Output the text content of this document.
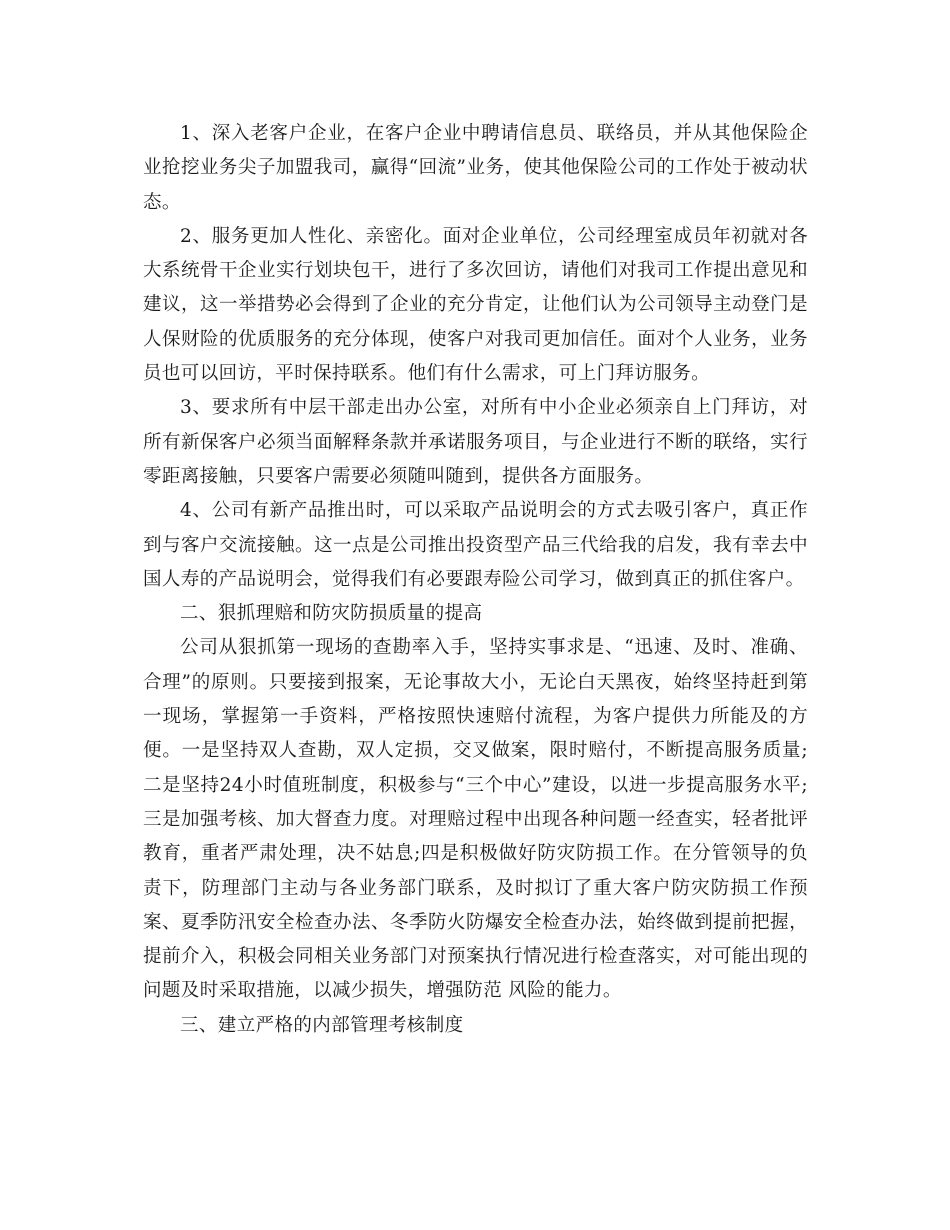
1、深入老客户企业，在客户企业中聘请信息员、联络员，并从其他保险企业抢挖业务尖子加盟我司，赢得“回流”业务，使其他保险公司的工作处于被动状态。

2、服务更加人性化、亲密化。面对企业单位，公司经理室成员年初就对各大系统骨干企业实行划块包干，进行了多次回访，请他们对我司工作提出意见和建议，这一举措势必会得到了企业的充分肯定，让他们认为公司领导主动登门是人保财险的优质服务的充分体现，使客户对我司更加信任。面对个人业务，业务员也可以回访，平时保持联系。他们有什么需求，可上门拜访服务。

3、要求所有中层干部走出办公室，对所有中小企业必须亲自上门拜访，对所有新保客户必须当面解释条款并承诺服务项目，与企业进行不断的联络，实行零距离接触，只要客户需要必须随叫随到，提供各方面服务。

4、公司有新产品推出时，可以采取产品说明会的方式去吸引客户，真正作到与客户交流接触。这一点是公司推出投资型产品三代给我的启发，我有幸去中国人寿的产品说明会，觉得我们有必要跟寿险公司学习，做到真正的抓住客户。

二、狠抓理赔和防灾防损质量的提高

公司从狠抓第一现场的查勘率入手，坚持实事求是、“迅速、及时、准确、合理”的原则。只要接到报案，无论事故大小，无论白天黑夜，始终坚持赶到第一现场，掌握第一手资料，严格按照快速赔付流程，为客户提供力所能及的方便。一是坚持双人查勘，双人定损，交叉做案，限时赔付，不断提高服务质量;二是坚持24小时值班制度，积极参与“三个中心”建设，以进一步提高服务水平;三是加强考核、加大督查力度。对理赔过程中出现各种问题一经查实，轻者批评教育，重者严肃处理，决不姑息;四是积极做好防灾防损工作。在分管领导的负责下，防理部门主动与各业务部门联系，及时拟订了重大客户防灾防损工作预案、夏季防汛安全检查办法、冬季防火防爆安全检查办法，始终做到提前把握，提前介入，积极会同相关业务部门对预案执行情况进行检查落实，对可能出现的问题及时采取措施，以减少损失，增强防范 风险的能力。

三、建立严格的内部管理考核制度
